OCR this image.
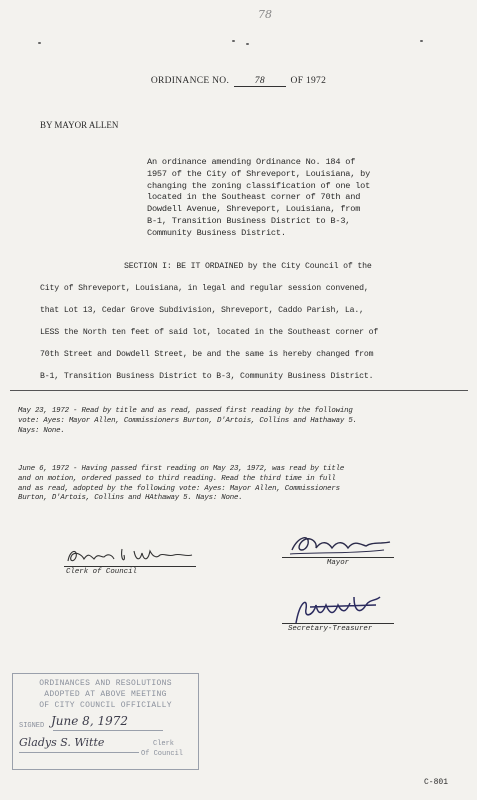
78
ORDINANCE NO.	78	OF 1972
BY MAYOR ALLEN
An ordinance amending Ordinance No. 184 of
1957 of the City of Shreveport, Louisiana, by
changing the zoning classification of one lot
located in the Southeast corner of 70th and
Dowdell Avenue, Shreveport, Louisiana, from
B-1, Transition Business District to B-3,
Community Business District.
SECTION I: BE IT ORDAINED by the City Council of the
City of Shreveport, Louisiana, in legal and regular session convened,
that Lot 13, Cedar Grove Subdivision, Shreveport, Caddo Parish, La.,
LESS the North ten feet of said lot, located in the Southeast corner of
70th Street and Dowdell Street, be and the same is hereby changed from
B-1, Transition Business District to B-3, Community Business District.
May 23, 1972 - Read by title and as read, passed first reading by the following
vote: Ayes: Mayor Allen, Commissioners Burton, D'Artois, Collins and Hathaway 5.
Nays: None.
June 6, 1972 - Having passed first reading on May 23, 1972, was read by title
and on motion, ordered passed to third reading. Read the third time in full
and as read, adopted by the following vote: Ayes: Mayor Allen, Commissioners
Burton, D'Artois, Collins and HAthaway 5. Nays: None.
Mayor
Clerk of Council
Secretary-Treasurer
ORDINANCES AND RESOLUTIONS
ADOPTED AT ABOVE MEETING
OF CITY COUNCIL OFFICIALLY
SIGNED June 8, 1972
Gladys S. Witte	Clerk
Of Council
C-801
